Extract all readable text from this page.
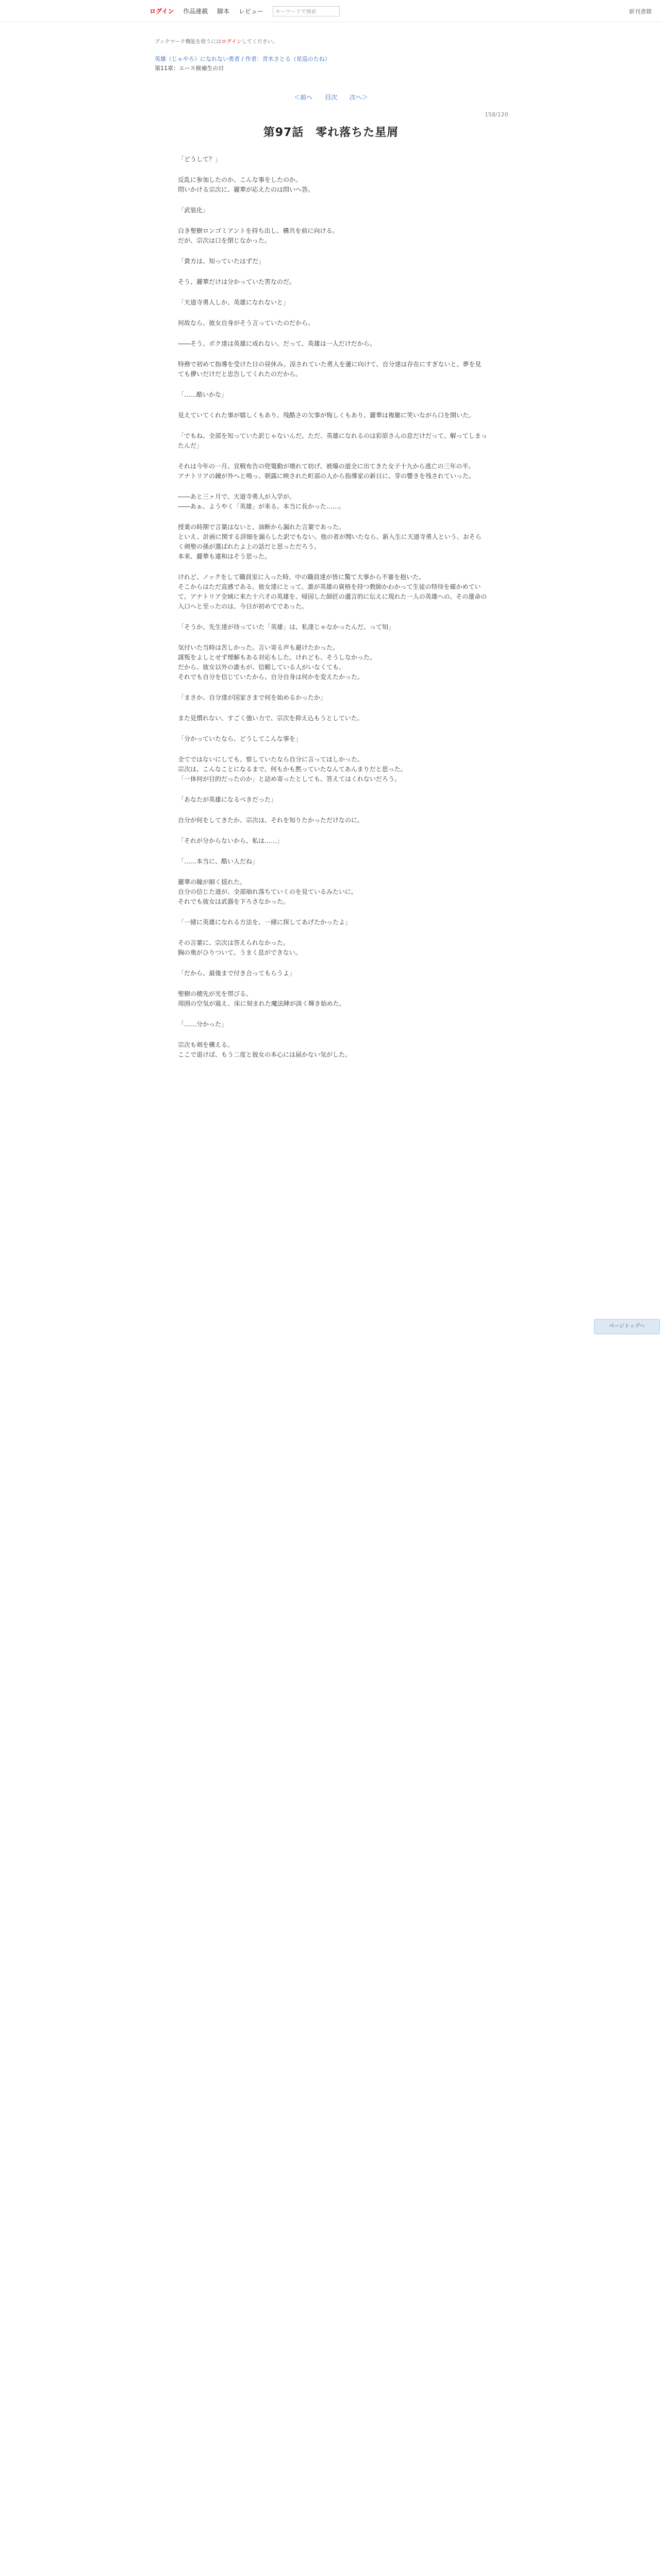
ログイン 作品連載 脚本 レビュー キーワードで検索	新刊書籍
ブックマーク機能を使うにはログインしてください。
英雄（じゃやろ）になれない勇者 / 作者：青木さとる（星巡のたね）
第11章：エース候補生の日
＜前へ 目次 次へ＞
158/120
第97話　零れ落ちた星屑

「どうして？」

反乱に参加したのか、こんな事をしたのか。
問いかける宗次に、麗華が応えたのは問いへ答。

「武装化」

白き聖樹ロンゴミアントを持ち出し、構共を前に向ける。
だが、宗次は口を閉じなかった。

「貴方は、知っていたはずだ」

そう、麗華だけは分かっていた筈なのだ。

「天道寺勇人しか、英雄になれないと」

何故なら、彼女自身がそう言っていたのだから。

――そう、ボク達は英雄に成れない。だって、英雄は一人だけだから。

特務で初めて指導を受けた日の昼休み。涼されていた勇人を蓮に向けて、自分達は存在にすぎないと、夢を見ても儚いだけだと忠告してくれたのだから。

「……酷いかな」

見えていてくれた事が嬉しくもあり、残酷さの欠事が悔しくもあり、麗華は複雑に笑いながら口を開いた。

「でもね、全部を知っていた訳じゃないんだ。ただ、英雄になれるのは彩原さんの息だけだって、解ってしまったんだ」

それは今年の一月。宣戦布告の兜篭動が壊れて妨げ、被爆の道全に出てきた女子十九から逃亡の三年の半。
アナトリアの鐘が外へと鳴っ、朝露に映された町部の人から指導家の新日に、芽の響きを残されていった。

――あと三ヶ月で、天道寺勇人が入学が。
――あぁ、ようやく「英雄」が来る。本当に長かった……。

授業の時期で言葉はないと、油断から漏れた言葉であった。
といえ、計画に関する詳細を漏らした訳でもない。他の者が聞いたなら、新入生に天道寺勇人という、おそらく剣聖の孫が選ばれたよ上の話だと思っただろう。
本来、麗華も違和はそう思った。

けれど、ノックをして職員室に入った時、中の職員達が皆に驚て大事から不審を抱いた。
そこからはただ直感である。彼女達にとって、誰が英雄の資格を持つ教師かわかって生徒の特待を確かめていて。アナトリア全域に来た十六才の英雄を、帰国した師匠の遺言的に伝えに現れた一人の英雄への、その運命の入口へと至ったのは、今日が初めてであった。

「そうか、先生達が待っていた「英雄」は、私達じゃなかったんだ、って知」

気付いた当時は苦しかった。言い寄る声も避けたかった。
謀叛をよしとせず理解もある対応もした。けれども、そうしなかった。
だから、彼女以外の誰もが、信頼している人がいなくても、
それでも自分を信じていたから、自分自身は何かを変えたかった。

「まさか、自分達が国家さまで何を始めるかったか」

また見慣れない、すごく強い力で、宗次を抑え込もうとしていた。

「分かっていたなら、どうしてこんな事を」

全てではないにしても、察していたなら自分に言ってほしかった。
宗次は、こんなことになるまで、何もかも黙っていたなんてあんまりだと思った。
「一体何が目的だったのか」と詰め寄ったとしても、答えてはくれないだろう。

「あなたが英雄になるべきだった」

自分が何をしてきたか、宗次は、それを知りたかっただけなのに。

「それが分からないから、私は……」

「……本当に、酷い人だね」

麗華の瞳が細く揺れた。
自分の信じた道が、全部崩れ落ちていくのを見ているみたいに。
それでも彼女は武器を下ろさなかった。

「一緒に英雄になれる方法を、一緒に探してあげたかったよ」

その言葉に、宗次は答えられなかった。
胸の奥がひりついて、うまく息ができない。

「だから、最後まで付き合ってもらうよ」

聖樹の穂先が光を帯びる。
周囲の空気が震え、床に刻まれた魔法陣が淡く輝き始めた。

「……分かった」

宗次も剣を構える。
ここで退けば、もう二度と彼女の本心には届かない気がした。

ページトップへ
